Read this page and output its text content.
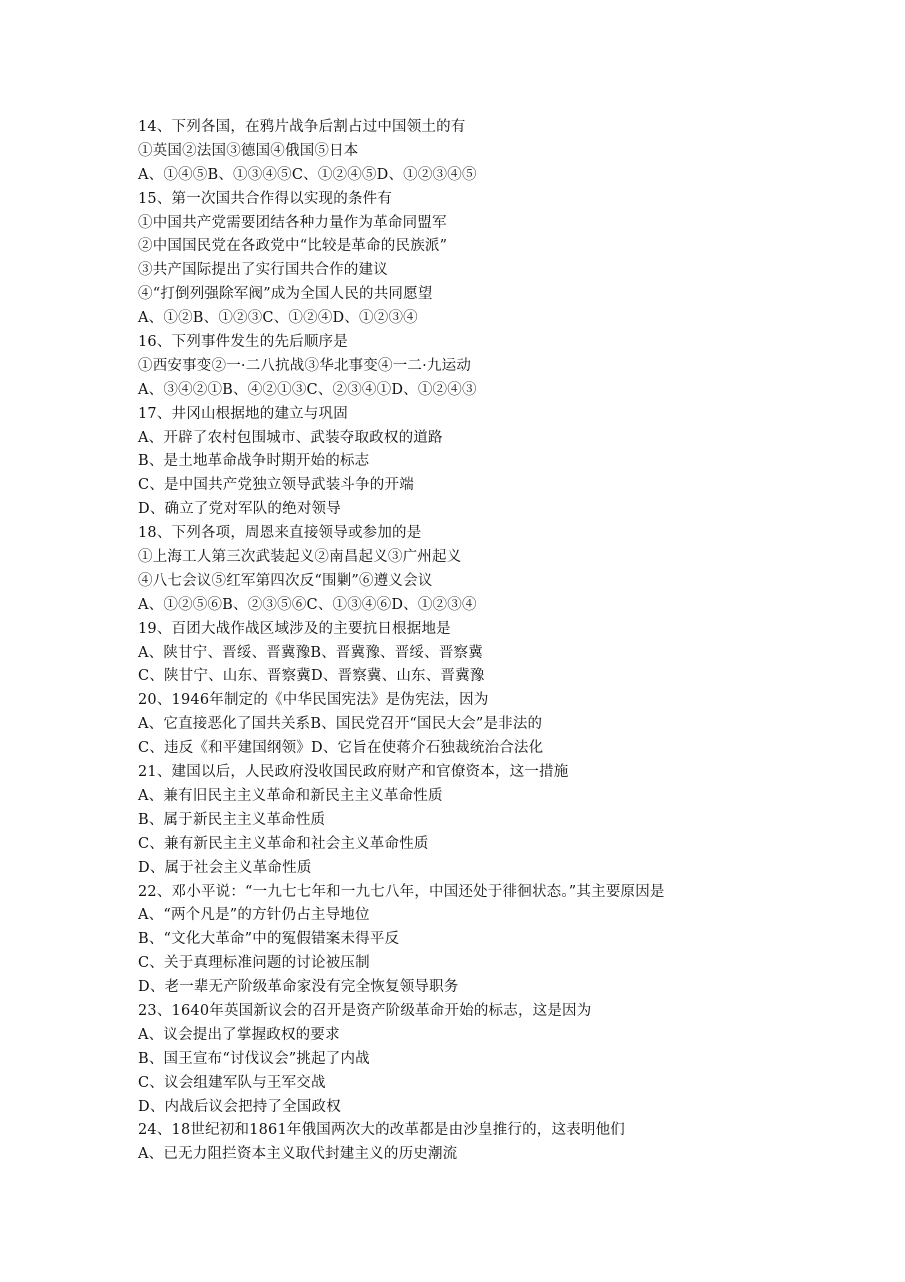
14、下列各国，在鸦片战争后割占过中国领土的有
①英国②法国③德国④俄国⑤日本
A、①④⑤B、①③④⑤C、①②④⑤D、①②③④⑤
15、第一次国共合作得以实现的条件有
①中国共产党需要团结各种力量作为革命同盟军
②中国国民党在各政党中“比较是革命的民族派”
③共产国际提出了实行国共合作的建议
④“打倒列强除军阀”成为全国人民的共同愿望
A、①②B、①②③C、①②④D、①②③④
16、下列事件发生的先后顺序是
①西安事变②一·二八抗战③华北事变④一二·九运动
A、③④②①B、④②①③C、②③④①D、①②④③
17、井冈山根据地的建立与巩固
A、开辟了农村包围城市、武装夺取政权的道路
B、是土地革命战争时期开始的标志
C、是中国共产党独立领导武装斗争的开端
D、确立了党对军队的绝对领导
18、下列各项，周恩来直接领导或参加的是
①上海工人第三次武装起义②南昌起义③广州起义
④八七会议⑤红军第四次反“围剿”⑥遵义会议
A、①②⑤⑥B、②③⑤⑥C、①③④⑥D、①②③④
19、百团大战作战区域涉及的主要抗日根据地是
A、陕甘宁、晋绥、晋冀豫B、晋冀豫、晋绥、晋察冀
C、陕甘宁、山东、晋察冀D、晋察冀、山东、晋冀豫
20、1946年制定的《中华民国宪法》是伪宪法，因为
A、它直接恶化了国共关系B、国民党召开“国民大会”是非法的
C、违反《和平建国纲领》D、它旨在使蒋介石独裁统治合法化
21、建国以后，人民政府没收国民政府财产和官僚资本，这一措施
A、兼有旧民主主义革命和新民主主义革命性质
B、属于新民主主义革命性质
C、兼有新民主主义革命和社会主义革命性质
D、属于社会主义革命性质
22、邓小平说：“一九七七年和一九七八年，中国还处于徘徊状态。”其主要原因是
A、“两个凡是”的方针仍占主导地位
B、“文化大革命”中的冤假错案未得平反
C、关于真理标准问题的讨论被压制
D、老一辈无产阶级革命家没有完全恢复领导职务
23、1640年英国新议会的召开是资产阶级革命开始的标志，这是因为
A、议会提出了掌握政权的要求
B、国王宣布“讨伐议会”挑起了内战
C、议会组建军队与王军交战
D、内战后议会把持了全国政权
24、18世纪初和1861年俄国两次大的改革都是由沙皇推行的，这表明他们
A、已无力阻拦资本主义取代封建主义的历史潮流
